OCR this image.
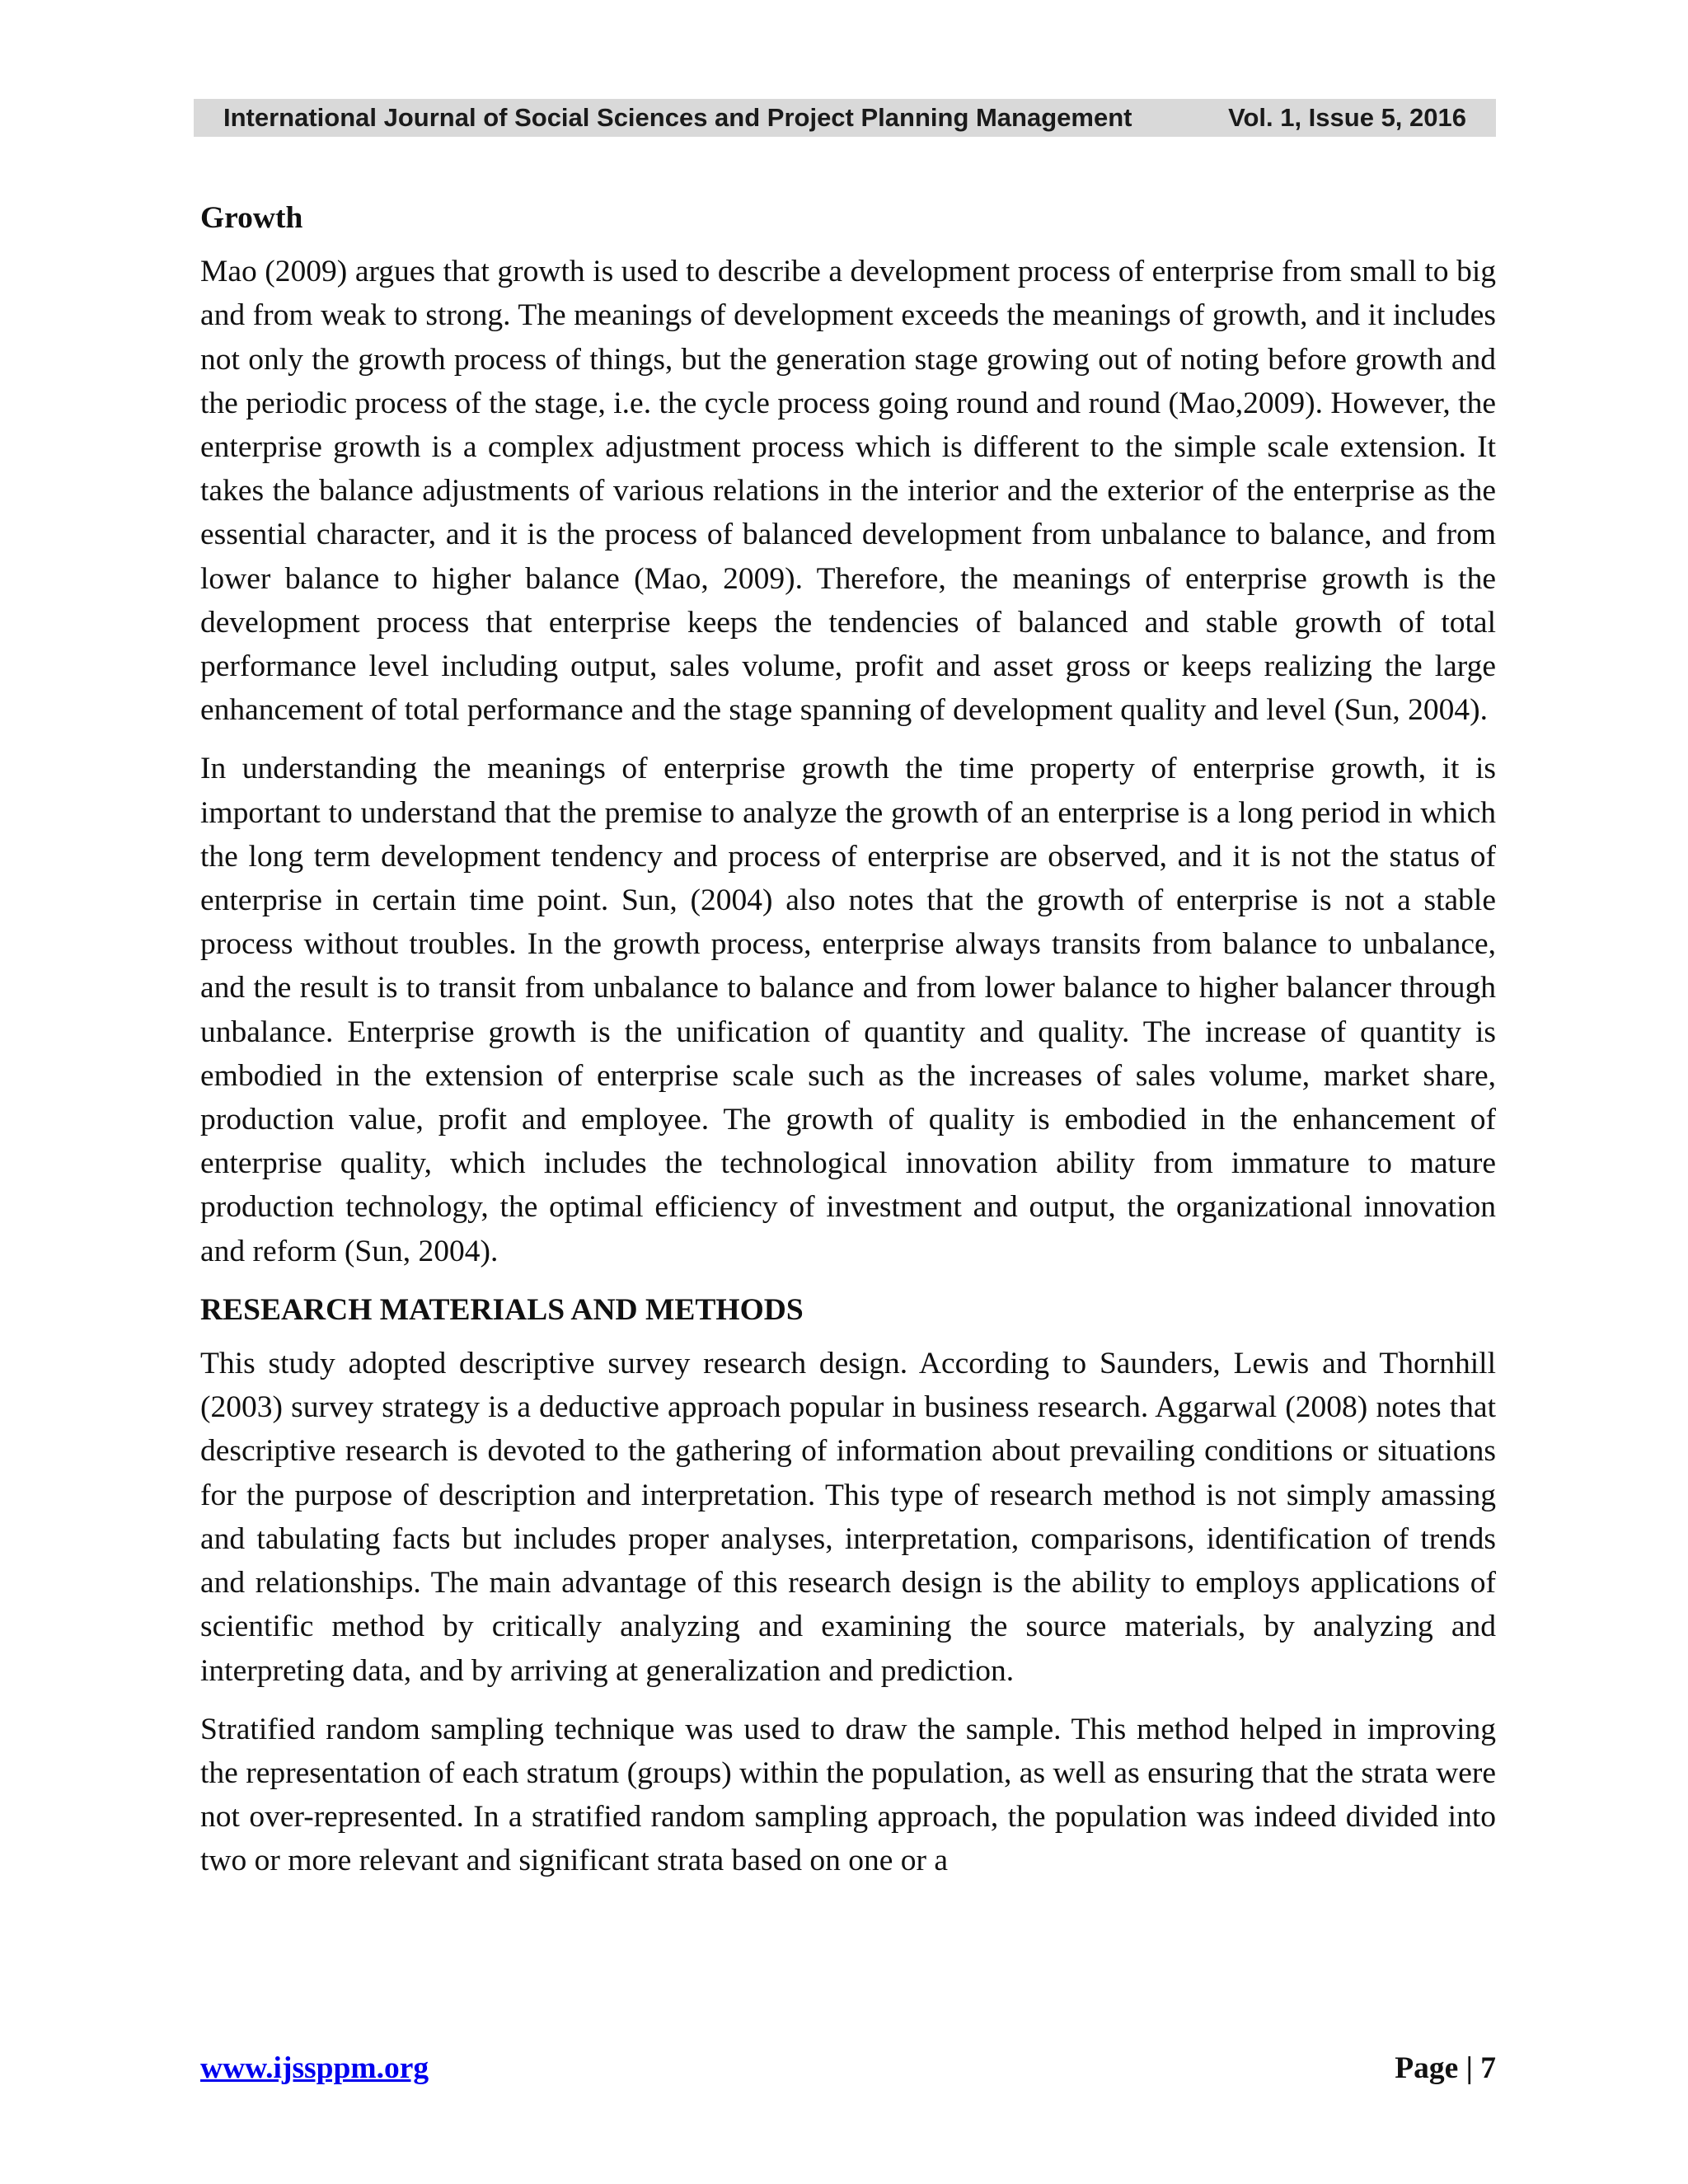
International Journal of Social Sciences and Project Planning Management	Vol. 1, Issue 5, 2016
Growth

Mao (2009) argues that growth is used to describe a development process of enterprise from small to big and from weak to strong. The meanings of development exceeds the meanings of growth, and it includes not only the growth process of things, but the generation stage growing out of noting before growth and the periodic process of the stage, i.e. the cycle process going round and round (Mao,2009). However, the enterprise growth is a complex adjustment process which is different to the simple scale extension. It takes the balance adjustments of various relations in the interior and the exterior of the enterprise as the essential character, and it is the process of balanced development from unbalance to balance, and from lower balance to higher balance (Mao, 2009). Therefore, the meanings of enterprise growth is the development process that enterprise keeps the tendencies of balanced and stable growth of total performance level including output, sales volume, profit and asset gross or keeps realizing the large enhancement of total performance and the stage spanning of development quality and level (Sun, 2004).

In understanding the meanings of enterprise growth the time property of enterprise growth, it is important to understand that the premise to analyze the growth of an enterprise is a long period in which the long term development tendency and process of enterprise are observed, and it is not the status of enterprise in certain time point. Sun, (2004) also notes that the growth of enterprise is not a stable process without troubles. In the growth process, enterprise always transits from balance to unbalance, and the result is to transit from unbalance to balance and from lower balance to higher balancer through unbalance. Enterprise growth is the unification of quantity and quality. The increase of quantity is embodied in the extension of enterprise scale such as the increases of sales volume, market share, production value, profit and employee. The growth of quality is embodied in the enhancement of enterprise quality, which includes the technological innovation ability from immature to mature production technology, the optimal efficiency of investment and output, the organizational innovation and reform (Sun, 2004).

RESEARCH MATERIALS AND METHODS

This study adopted descriptive survey research design. According to Saunders, Lewis and Thornhill (2003) survey strategy is a deductive approach popular in business research. Aggarwal (2008) notes that descriptive research is devoted to the gathering of information about prevailing conditions or situations for the purpose of description and interpretation. This type of research method is not simply amassing and tabulating facts but includes proper analyses, interpretation, comparisons, identification of trends and relationships. The main advantage of this research design is the ability to employs applications of scientific method by critically analyzing and examining the source materials, by analyzing and interpreting data, and by arriving at generalization and prediction.

Stratified random sampling technique was used to draw the sample. This method helped in improving the representation of each stratum (groups) within the population, as well as ensuring that the strata were not over-represented. In a stratified random sampling approach, the population was indeed divided into two or more relevant and significant strata based on one or a

www.ijssppm.org	Page | 7
